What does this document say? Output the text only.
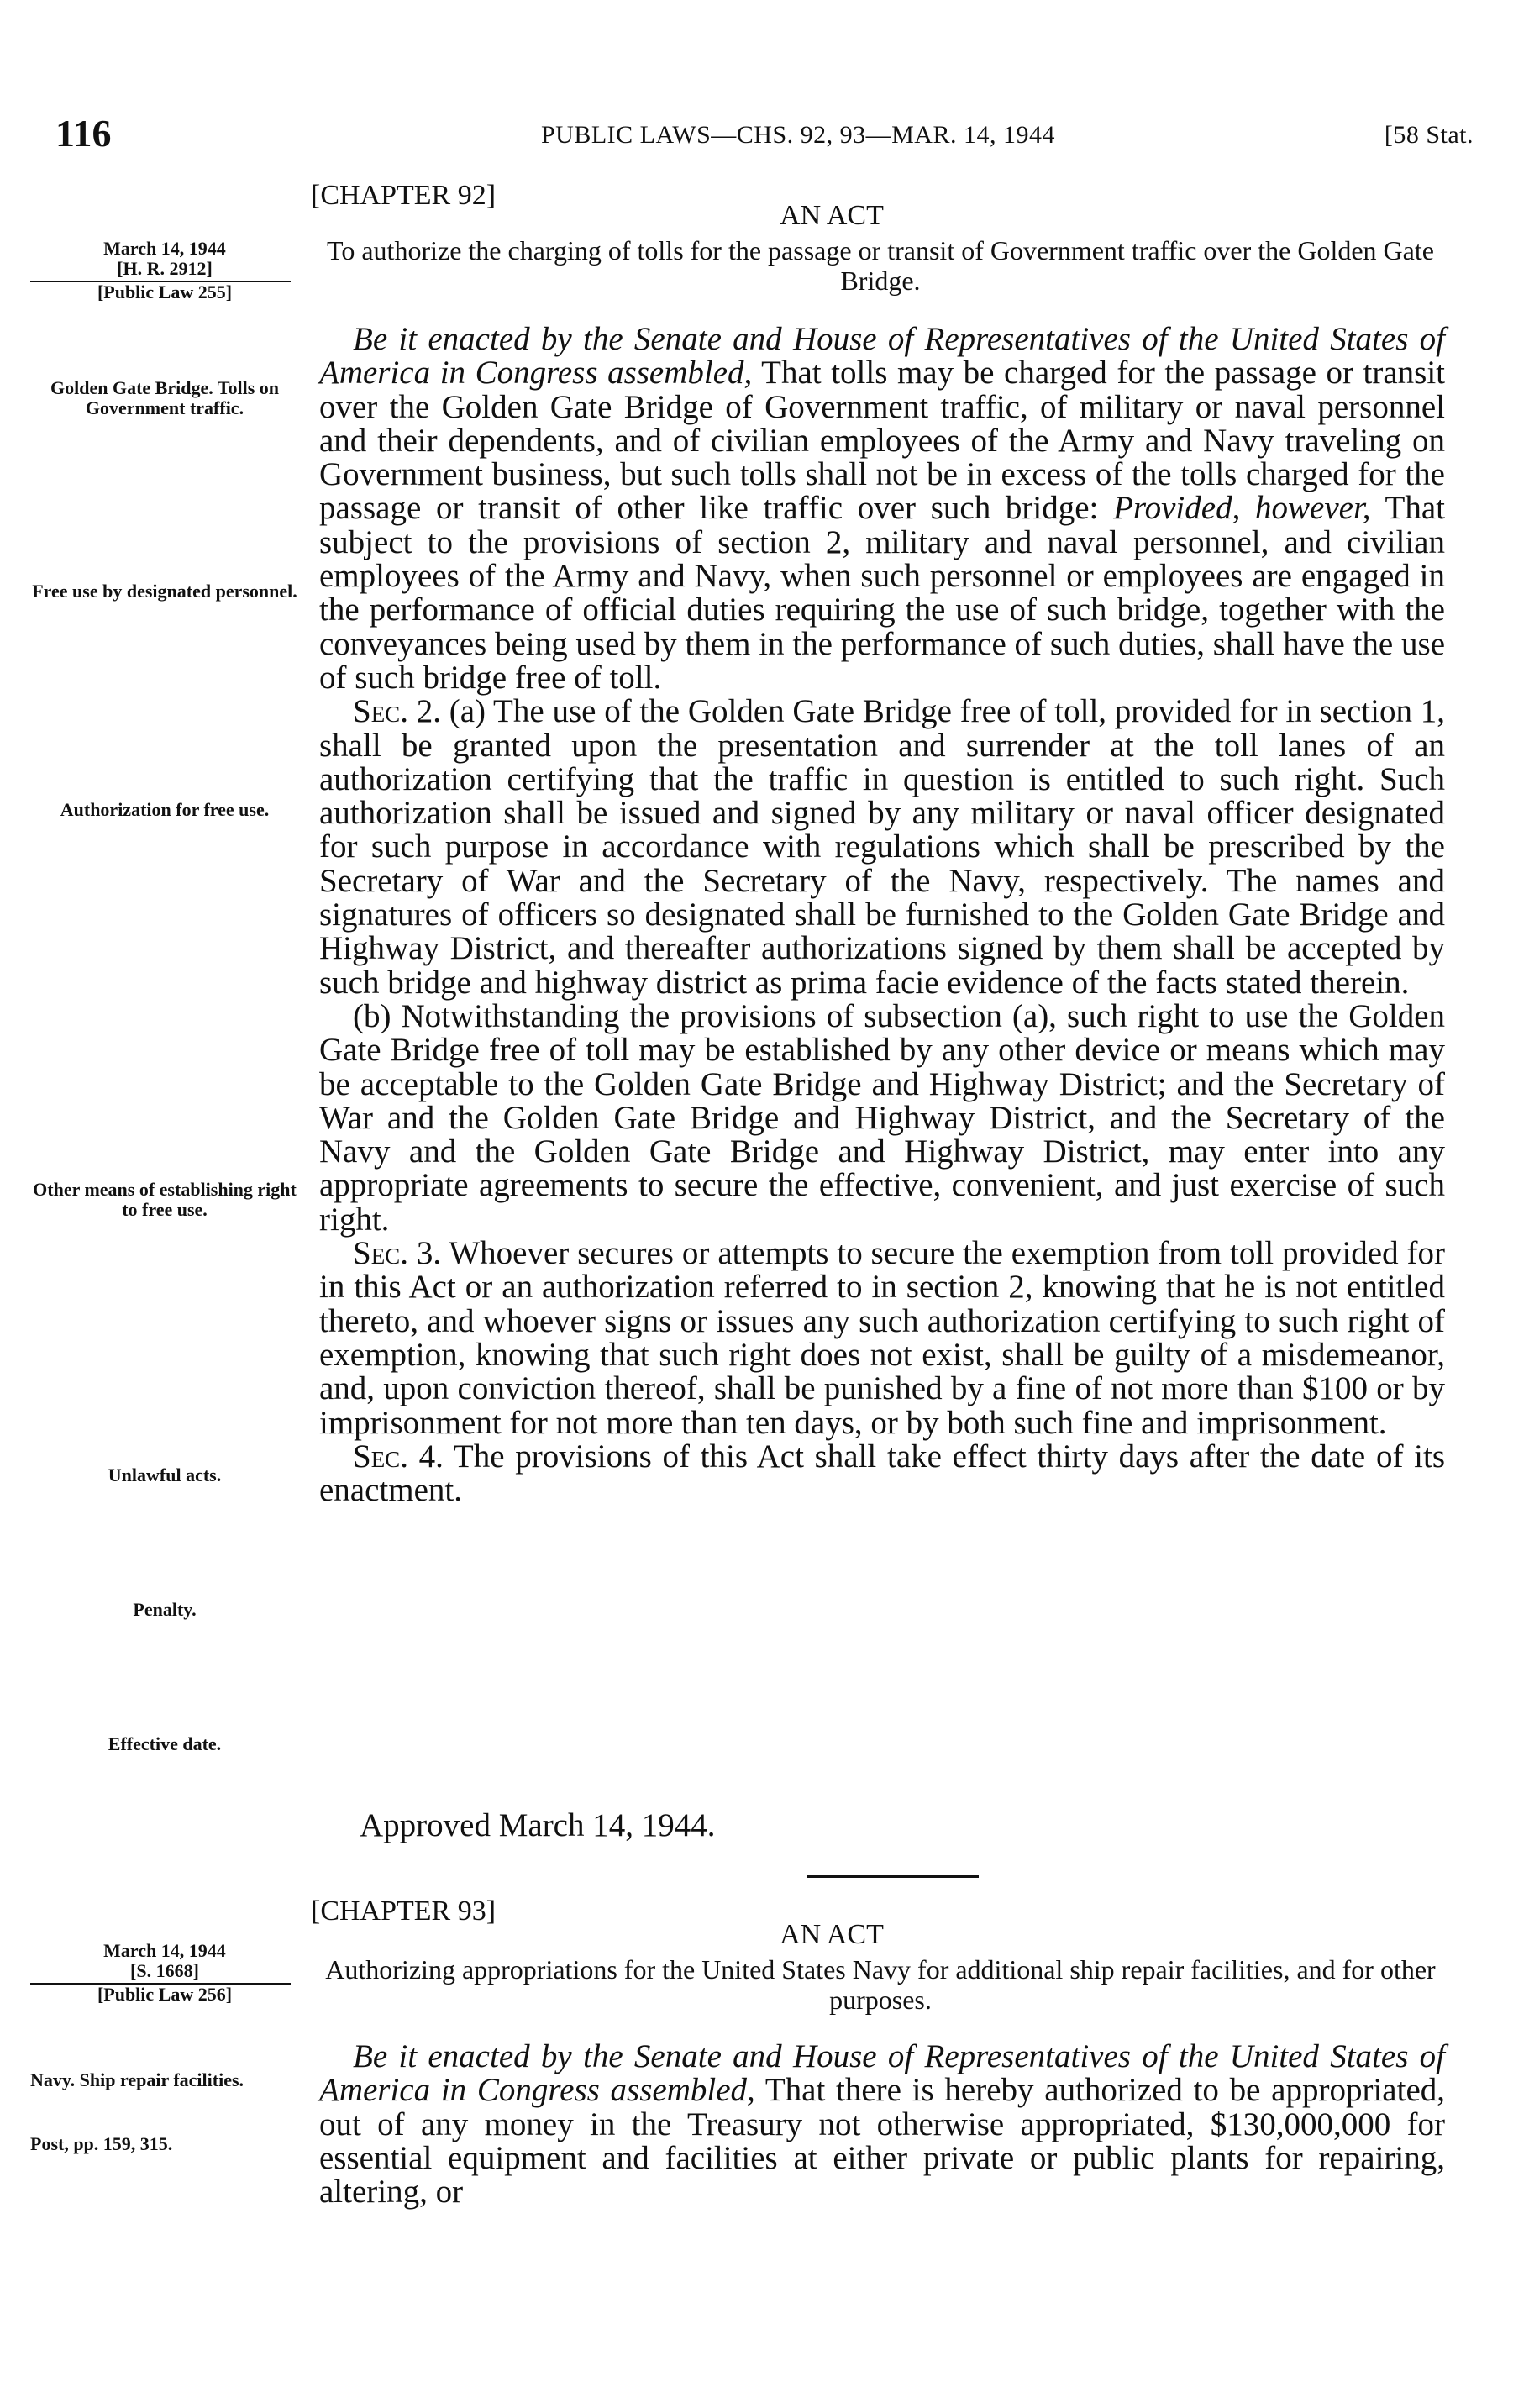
116	PUBLIC LAWS—CHS. 92, 93—MAR. 14, 1944	[58 Stat.
[CHAPTER 92]
AN ACT
To authorize the charging of tolls for the passage or transit of Government traffic over the Golden Gate Bridge.
March 14, 1944
[H. R. 2912]
[Public Law 255]
Golden Gate Bridge. Tolls on Government traffic.
Free use by designated personnel.
Authorization for free use.
Other means of establishing right to free use.
Unlawful acts.
Penalty.
Effective date.

Be it enacted by the Senate and House of Representatives of the United States of America in Congress assembled, That tolls may be charged for the passage or transit over the Golden Gate Bridge of Government traffic, of military or naval personnel and their dependents, and of civilian employees of the Army and Navy traveling on Government business, but such tolls shall not be in excess of the tolls charged for the passage or transit of other like traffic over such bridge: Provided, however, That subject to the provisions of section 2, military and naval personnel, and civilian employees of the Army and Navy, when such personnel or employees are engaged in the performance of official duties requiring the use of such bridge, together with the conveyances being used by them in the performance of such duties, shall have the use of such bridge free of toll.

Sec. 2. (a) The use of the Golden Gate Bridge free of toll, provided for in section 1, shall be granted upon the presentation and surrender at the toll lanes of an authorization certifying that the traffic in question is entitled to such right. Such authorization shall be issued and signed by any military or naval officer designated for such purpose in accordance with regulations which shall be prescribed by the Secretary of War and the Secretary of the Navy, respectively. The names and signatures of officers so designated shall be furnished to the Golden Gate Bridge and Highway District, and thereafter authorizations signed by them shall be accepted by such bridge and highway district as prima facie evidence of the facts stated therein.

(b) Notwithstanding the provisions of subsection (a), such right to use the Golden Gate Bridge free of toll may be established by any other device or means which may be acceptable to the Golden Gate Bridge and Highway District; and the Secretary of War and the Golden Gate Bridge and Highway District, and the Secretary of the Navy and the Golden Gate Bridge and Highway District, may enter into any appropriate agreements to secure the effective, convenient, and just exercise of such right.

Sec. 3. Whoever secures or attempts to secure the exemption from toll provided for in this Act or an authorization referred to in section 2, knowing that he is not entitled thereto, and whoever signs or issues any such authorization certifying to such right of exemption, knowing that such right does not exist, shall be guilty of a misdemeanor, and, upon conviction thereof, shall be punished by a fine of not more than $100 or by imprisonment for not more than ten days, or by both such fine and imprisonment.

Sec. 4. The provisions of this Act shall take effect thirty days after the date of its enactment.

Approved March 14, 1944.
[CHAPTER 93]
AN ACT
Authorizing appropriations for the United States Navy for additional ship repair facilities, and for other purposes.
March 14, 1944
[S. 1668]
[Public Law 256]
Navy. Ship repair facilities.
Post, pp. 159, 315.

Be it enacted by the Senate and House of Representatives of the United States of America in Congress assembled, That there is hereby authorized to be appropriated, out of any money in the Treasury not otherwise appropriated, $130,000,000 for essential equipment and facilities at either private or public plants for repairing, altering, or
